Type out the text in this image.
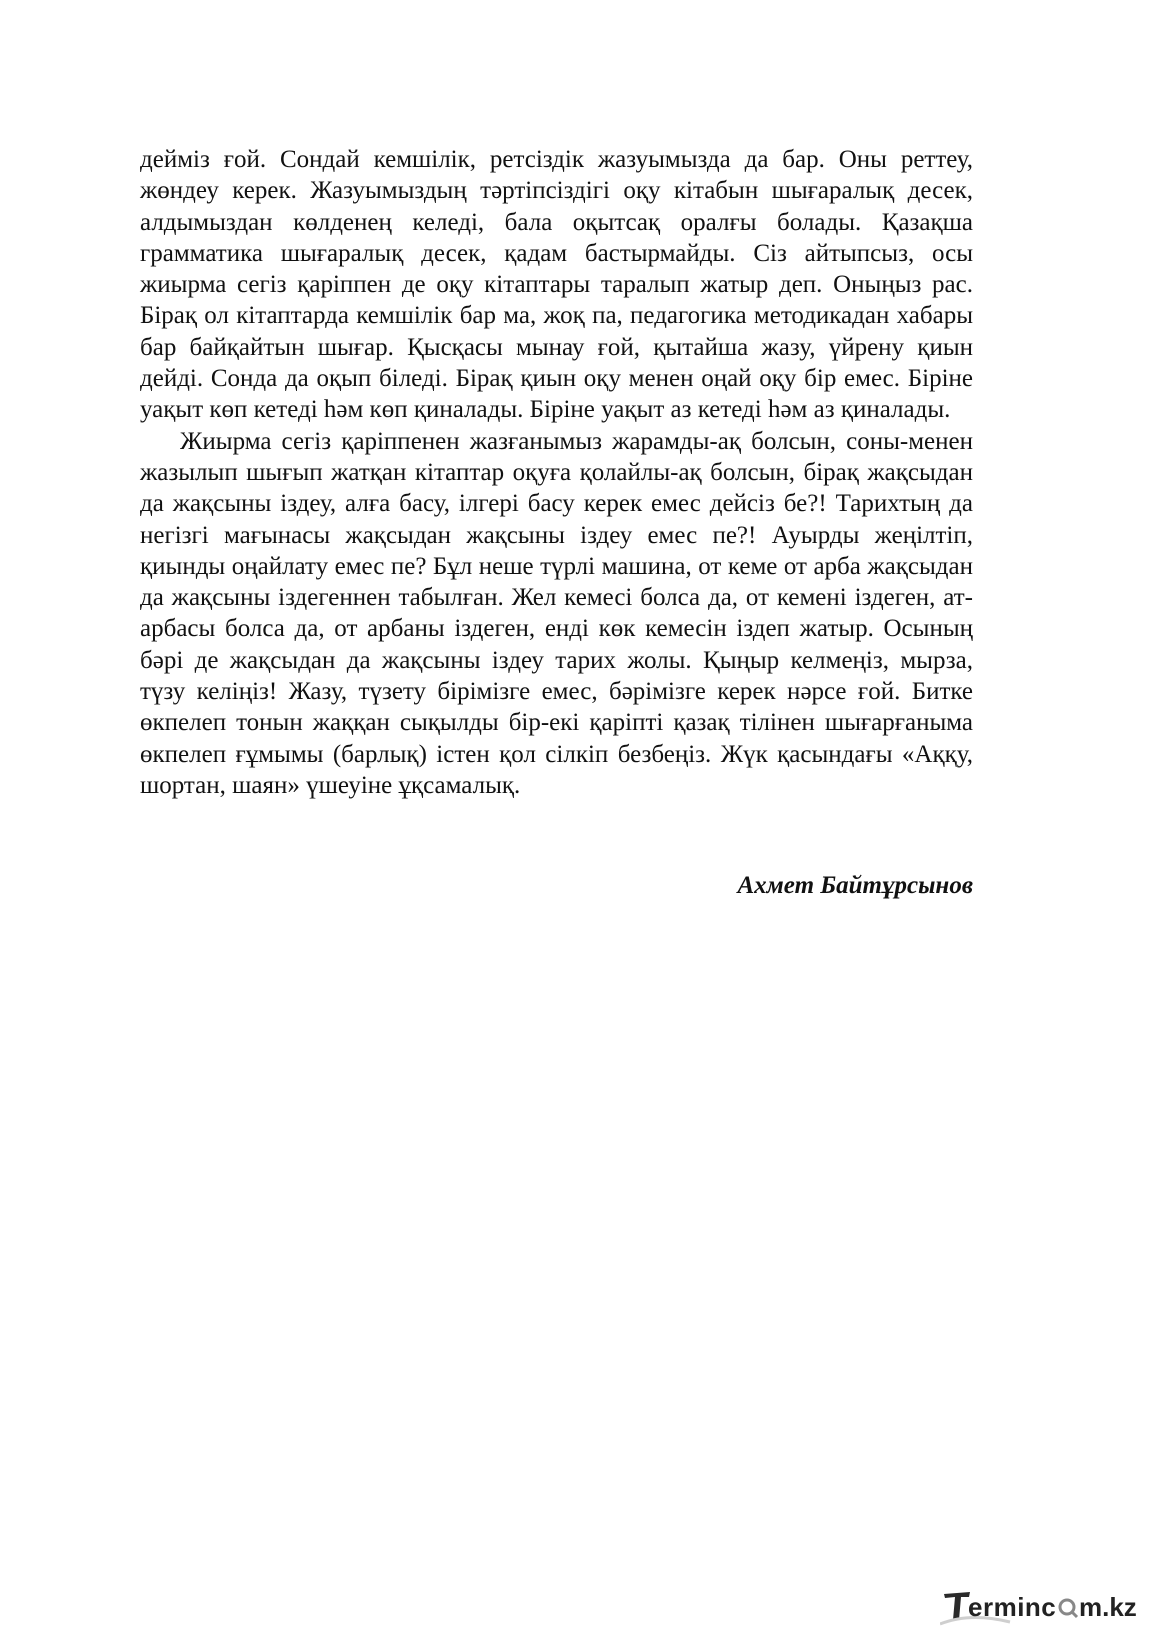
дейміз ғой. Сондай кемшілік, ретсіздік жазуымызда да бар. Оны реттеу, жөндеу керек. Жазуымыздың тәртіпсіздігі оқу кітабын шығаралық десек, алдымыздан көлденең келеді, бала оқытсақ оралғы болады. Қазақша грамматика шығаралық десек, қадам бастырмайды. Сіз айтыпсыз, осы жиырма сегіз қаріппен де оқу кітаптары таралып жатыр деп. Оныңыз рас. Бірақ ол кітаптарда кемшілік бар ма, жоқ па, педагогика методикадан хабары бар байқайтын шығар. Қысқасы мынау ғой, қытайша жазу, үйрену қиын дейді. Сонда да оқып біледі. Бірақ қиын оқу менен оңай оқу бір емес. Біріне уақыт көп кетеді һәм көп қиналады. Біріне уақыт аз кетеді һәм аз қиналады.

Жиырма сегіз қаріппенен жазғанымыз жарамды-ақ болсын, соны-менен жазылып шығып жатқан кітаптар оқуға қолайлы-ақ болсын, бірақ жақсыдан да жақсыны іздеу, алға басу, ілгері басу керек емес дейсіз бе?! Тарихтың да негізгі мағынасы жақсыдан жақсыны іздеу емес пе?! Ауырды жеңілтіп, қиынды оңайлату емес пе? Бұл неше түрлі машина, от кеме от арба жақсыдан да жақсыны іздегеннен табылған. Жел кемесі болса да, от кемені іздеген, ат-арбасы болса да, от арбаны іздеген, енді көк кемесін іздеп жатыр. Осының бәрі де жақсыдан да жақсыны іздеу тарих жолы. Қыңыр келмеңіз, мырза, түзу келіңіз! Жазу, түзету бірімізге емес, бәрімізге керек нәрсе ғой. Битке өкпелеп тонын жаққан сықылды бір-екі қаріпті қазақ тілінен шығарғаныма өкпелеп ғұмымы (барлық) істен қол сілкіп безбеңіз. Жүк қасындағы «Аққу, шортан, шаян» үшеуіне ұқсамалық.

Ахмет Байтұрсынов
erminc m.kz
